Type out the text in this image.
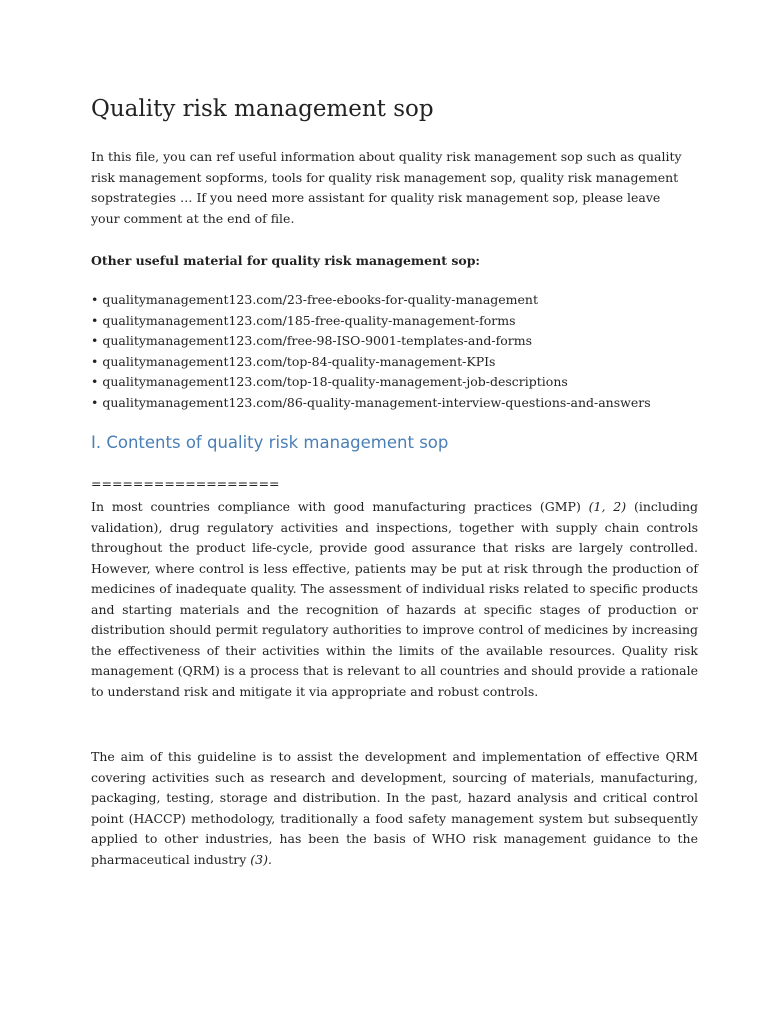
Quality risk management sop

In this file, you can ref useful information about quality risk management sop such as quality risk management sopforms, tools for quality risk management sop, quality risk management sopstrategies … If you need more assistant for quality risk management sop, please leave your comment at the end of file.

Other useful material for quality risk management sop:

• qualitymanagement123.com/23-free-ebooks-for-quality-management
• qualitymanagement123.com/185-free-quality-management-forms
• qualitymanagement123.com/free-98-ISO-9001-templates-and-forms
• qualitymanagement123.com/top-84-quality-management-KPIs
• qualitymanagement123.com/top-18-quality-management-job-descriptions
• qualitymanagement123.com/86-quality-management-interview-questions-and-answers
I. Contents of quality risk management sop
==================

In most countries compliance with good manufacturing practices (GMP) (1, 2) (including validation), drug regulatory activities and inspections, together with supply chain controls throughout the product life-cycle, provide good assurance that risks are largely controlled. However, where control is less effective, patients may be put at risk through the production of medicines of inadequate quality. The assessment of individual risks related to specific products and starting materials and the recognition of hazards at specific stages of production or distribution should permit regulatory authorities to improve control of medicines by increasing the effectiveness of their activities within the limits of the available resources. Quality risk management (QRM) is a process that is relevant to all countries and should provide a rationale to understand risk and mitigate it via appropriate and robust controls.

The aim of this guideline is to assist the development and implementation of effective QRM covering activities such as research and development, sourcing of materials, manufacturing, packaging, testing, storage and distribution. In the past, hazard analysis and critical control point (HACCP) methodology, traditionally a food safety management system but subsequently applied to other industries, has been the basis of WHO risk management guidance to the pharmaceutical industry (3).
